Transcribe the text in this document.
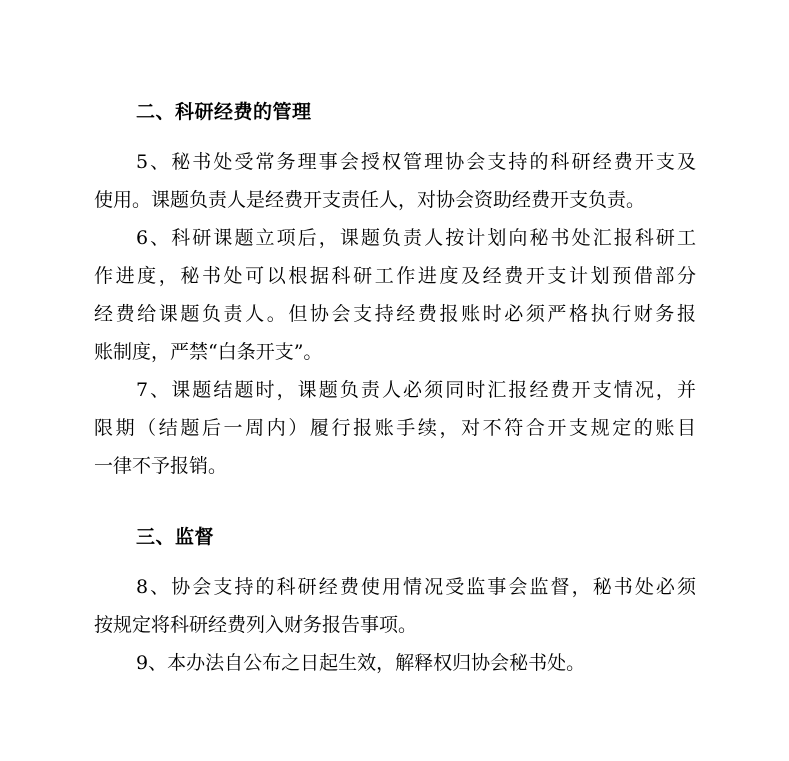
二、科研经费的管理

5、秘书处受常务理事会授权管理协会支持的科研经费开支及
使用。课题负责人是经费开支责任人，对协会资助经费开支负责。

6、科研课题立项后，课题负责人按计划向秘书处汇报科研工
作进度，秘书处可以根据科研工作进度及经费开支计划预借部分
经费给课题负责人。但协会支持经费报账时必须严格执行财务报
账制度，严禁“白条开支”。

7、课题结题时，课题负责人必须同时汇报经费开支情况，并
限期（结题后一周内）履行报账手续，对不符合开支规定的账目
一律不予报销。

三、监督

8、协会支持的科研经费使用情况受监事会监督，秘书处必须
按规定将科研经费列入财务报告事项。

9、本办法自公布之日起生效，解释权归协会秘书处。
